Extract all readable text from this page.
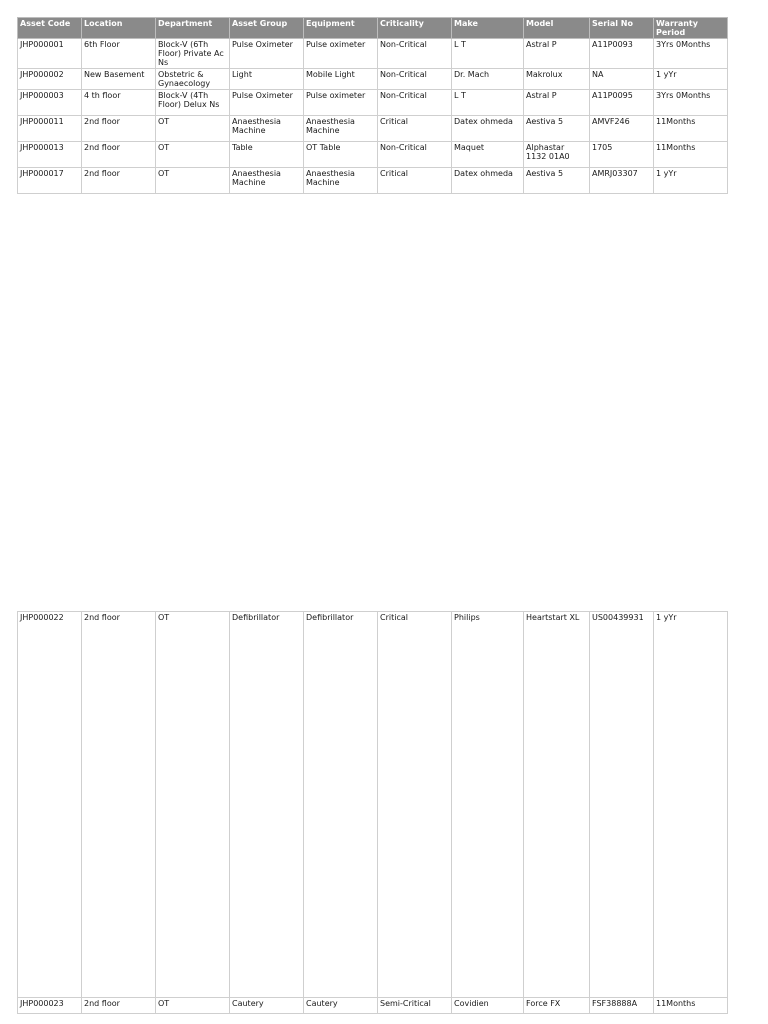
Asset Code	Location	Department	Asset Group	Equipment	Criticality	Make	Model	Serial No	Warranty Period
JHP000001	6th Floor	Block-V (6Th Floor) Private Ac Ns	Pulse Oximeter	Pulse oximeter	Non-Critical	L T	Astral P	A11P0093	3Yrs 0Months
JHP000002	New Basement	Obstetric & Gynaecology	Light	Mobile Light	Non-Critical	Dr. Mach	Makrolux	NA	1 yYr
JHP000003	4 th floor	Block-V (4Th Floor) Delux Ns	Pulse Oximeter	Pulse oximeter	Non-Critical	L T	Astral P	A11P0095	3Yrs 0Months
JHP000011	2nd floor	OT	Anaesthesia Machine	Anaesthesia Machine	Critical	Datex ohmeda	Aestiva 5	AMVF246	11Months
JHP000013	2nd floor	OT	Table	OT Table	Non-Critical	Maquet	Alphastar 1132 01A0	1705	11Months
JHP000017	2nd floor	OT	Anaesthesia Machine	Anaesthesia Machine	Critical	Datex ohmeda	Aestiva 5	AMRJ03307	1 yYr
JHP000022	2nd floor	OT	Defibrillator	Defibrillator	Critical	Philips	Heartstart XL	US00439931	1 yYr
JHP000023	2nd floor	OT	Cautery	Cautery	Semi-Critical	Covidien	Force FX	FSF38888A	11Months
